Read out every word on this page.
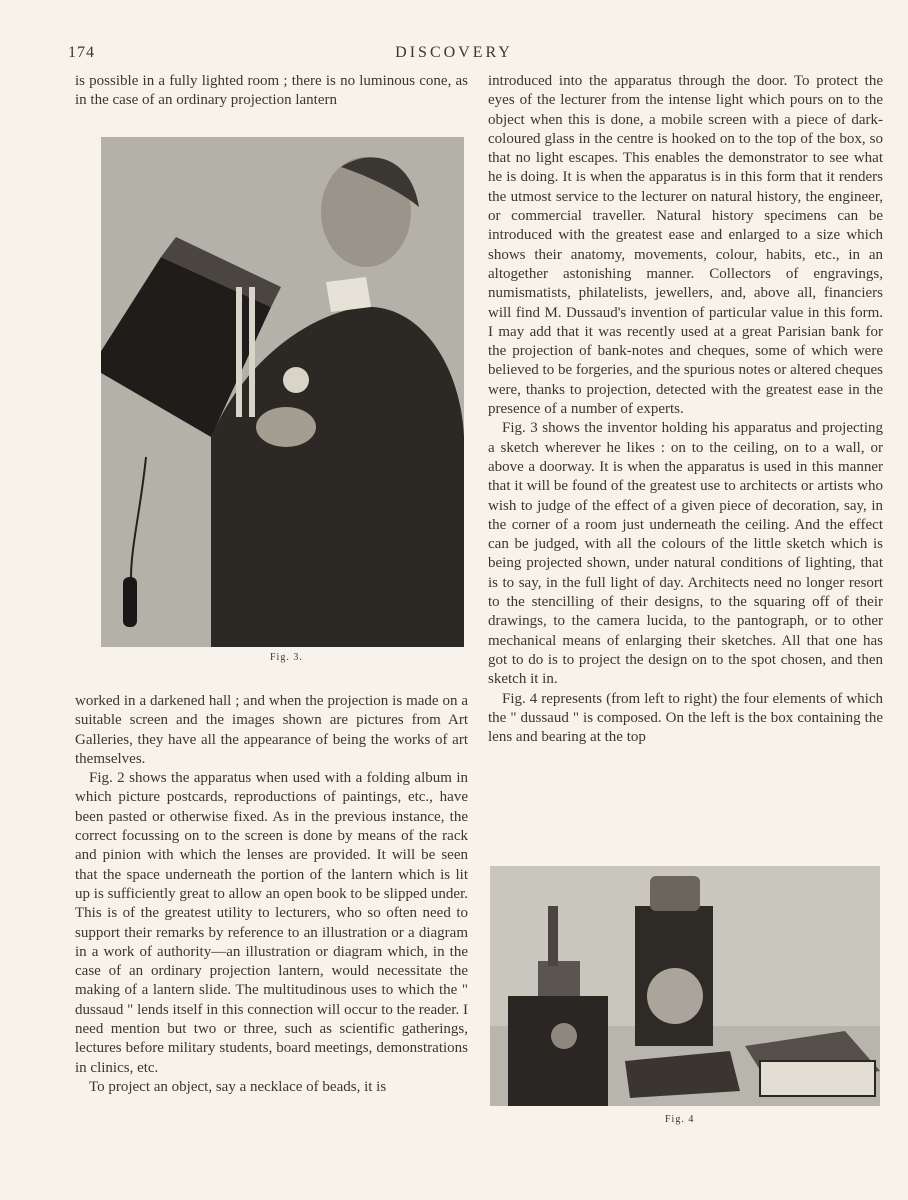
174	DISCOVERY

is possible in a fully lighted room ; there is no luminous cone, as in the case of an ordinary projection lantern

Fig. 3.

worked in a darkened hall ; and when the projection is made on a suitable screen and the images shown are pictures from Art Galleries, they have all the appearance of being the works of art themselves.

Fig. 2 shows the apparatus when used with a folding album in which picture postcards, reproductions of paintings, etc., have been pasted or otherwise fixed. As in the previous instance, the correct focussing on to the screen is done by means of the rack and pinion with which the lenses are provided. It will be seen that the space underneath the portion of the lantern which is lit up is sufficiently great to allow an open book to be slipped under. This is of the greatest utility to lecturers, who so often need to support their remarks by reference to an illustration or a diagram in a work of authority—an illustration or diagram which, in the case of an ordinary projection lantern, would necessitate the making of a lantern slide. The multitudinous uses to which the " dussaud " lends itself in this connection will occur to the reader. I need mention but two or three, such as scientific gatherings, lectures before military students, board meetings, demonstrations in clinics, etc.

To project an object, say a necklace of beads, it is

introduced into the apparatus through the door. To protect the eyes of the lecturer from the intense light which pours on to the object when this is done, a mobile screen with a piece of dark-coloured glass in the centre is hooked on to the top of the box, so that no light escapes. This enables the demonstrator to see what he is doing. It is when the apparatus is in this form that it renders the utmost service to the lecturer on natural history, the engineer, or commercial traveller. Natural history specimens can be introduced with the greatest ease and enlarged to a size which shows their anatomy, movements, colour, habits, etc., in an altogether astonishing manner. Collectors of engravings, numismatists, philatelists, jewellers, and, above all, financiers will find M. Dussaud's invention of particular value in this form. I may add that it was recently used at a great Parisian bank for the projection of bank-notes and cheques, some of which were believed to be forgeries, and the spurious notes or altered cheques were, thanks to projection, detected with the greatest ease in the presence of a number of experts.

Fig. 3 shows the inventor holding his apparatus and projecting a sketch wherever he likes : on to the ceiling, on to a wall, or above a doorway. It is when the apparatus is used in this manner that it will be found of the greatest use to architects or artists who wish to judge of the effect of a given piece of decoration, say, in the corner of a room just underneath the ceiling. And the effect can be judged, with all the colours of the little sketch which is being projected shown, under natural conditions of lighting, that is to say, in the full light of day. Architects need no longer resort to the stencilling of their designs, to the squaring off of their drawings, to the camera lucida, to the pantograph, or to other mechanical means of enlarging their sketches. All that one has got to do is to project the design on to the spot chosen, and then sketch it in.

Fig. 4 represents (from left to right) the four elements of which the " dussaud " is composed. On the left is the box containing the lens and bearing at the top

Fig. 4
